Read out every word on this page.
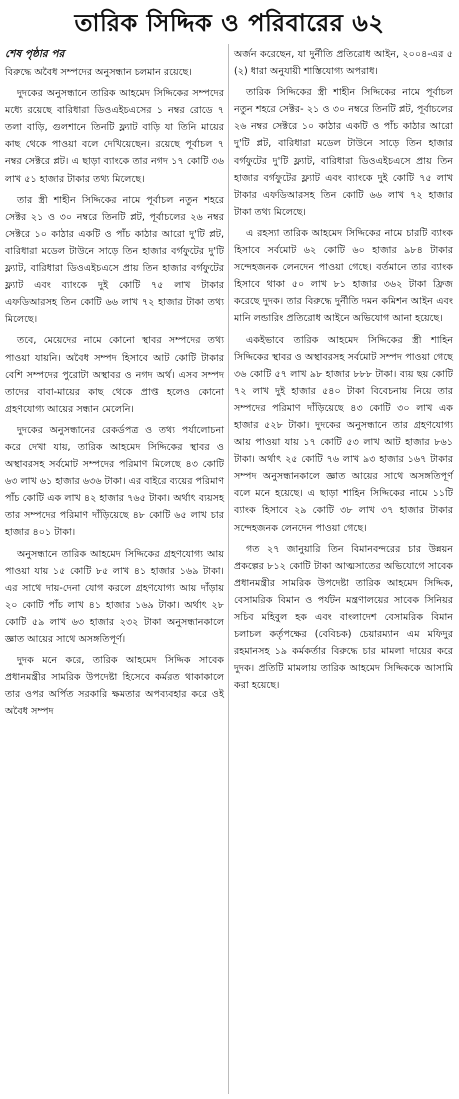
তারিক সিদ্দিক ও পরিবারের ৬২
শেষ পৃষ্ঠার পর

বিরুদ্ধে অবৈধ সম্পদের অনুসন্ধান চলমান রয়েছে।

দুদকের অনুসন্ধানে তারিক আহমেদ সিদ্দিকের সম্পদের মধ্যে রয়েছে বারিধারা ডিওএইচএসের ১ নম্বর রোডে ৭ তলা বাড়ি, গুলশানে তিনটি ফ্ল্যাট বাড়ি যা তিনি মায়ের কাছ থেকে পাওয়া বলে দেখিয়েছেন। রয়েছে পূর্বাচল ৭ নম্বর সেক্টরে প্লট। এ ছাড়া ব্যাংকে তার নগদ ১৭ কোটি ৩৬ লাখ ৫১ হাজার টাকার তথ্য মিলেছে।

তার স্ত্রী শাহীন সিদ্দিকের নামে পূর্বাচল নতুন শহরে সেক্টর ২১ ও ৩০ নম্বরে তিনটি প্লট, পূর্বাচলের ২৬ নম্বর সেক্টরে ১০ কাঠার একটি ও পাঁচ কাঠার আরো দু'টি প্লট, বারিধারা মডেল টাউনে সাড়ে তিন হাজার বর্গফুটের দু'টি ফ্ল্যাট, বারিধারা ডিওএইচএসে প্রায় তিন হাজার বর্গফুটের ফ্ল্যাট এবং ব্যাংকে দুই কোটি ৭৫ লাখ টাকার এফডিআরসহ তিন কোটি ৬৬ লাখ ৭২ হাজার টাকা তথ্য মিলেছে।

তবে, মেয়েদের নামে কোনো স্থাবর সম্পদের তথ্য পাওয়া যায়নি। অবৈধ সম্পদ হিসাবে আট কোটি টাকার বেশি সম্পদের পুরোটা অস্থাবর ও নগদ অর্থ। এসব সম্পদ তাদের বাবা-মায়ের কাছ থেকে প্রাপ্ত হলেও কোনো গ্রহণযোগ্য আয়ের সন্ধান মেলেনি।

দুদকের অনুসন্ধানের রেকর্ডপত্র ও তথ্য পর্যালোচনা করে দেখা যায়, তারিক আহমেদ সিদ্দিকের স্থাবর ও অস্থাবরসহ সর্বমোট সম্পদের পরিমাণ মিলেছে ৪৩ কোটি ৬৩ লাখ ৬১ হাজার ৬৩৬ টাকা। এর বাইরে ব্যয়ের পরিমাণ পাঁচ কোটি এক লাখ ৪২ হাজার ৭৬৫ টাকা। অর্থাৎ ব্যয়সহ তার সম্পদের পরিমাণ দাঁড়িয়েছে ৪৮ কোটি ৬৫ লাখ চার হাজার ৪০১ টাকা।

অনুসন্ধানে তারিক আহমেদ সিদ্দিকের গ্রহণযোগ্য আয় পাওয়া যায় ১৫ কোটি ৮৫ লাখ ৪১ হাজার ১৬৯ টাকা। এর সাথে দায়-দেনা যোগ করলে গ্রহণযোগ্য আয় দাঁড়ায় ২০ কোটি পাঁচ লাখ ৪১ হাজার ১৬৯ টাকা। অর্থাৎ ২৮ কোটি ৫৯ লাখ ৬৩ হাজার ২৩২ টাকা অনুসন্ধানকালে জ্ঞাত আয়ের সাথে অসঙ্গতিপূর্ণ।

দুদক মনে করে, তারিক আহমেদ সিদ্দিক সাবেক প্রধানমন্ত্রীর সামরিক উপদেষ্টা হিসেবে কর্মরত থাকাকালে তার ওপর অর্পিত সরকারি ক্ষমতার অপব্যবহার করে ওই অবৈধ সম্পদ

অর্জন করেছেন, যা দুর্নীতি প্রতিরোধ আইন, ২০০৪-এর ৫ (২) ধারা অনুযায়ী শাস্তিযোগ্য অপরাধ।

তারিক সিদ্দিকের স্ত্রী শাহীন সিদ্দিকের নামে পূর্বাচল নতুন শহরে সেক্টর- ২১ ও ৩০ নম্বরে তিনটি প্লট, পূর্বাচলের ২৬ নম্বর সেক্টরে ১০ কাঠার একটি ও পাঁচ কাঠার আরো দু'টি প্লট, বারিধারা মডেল টাউনে সাড়ে তিন হাজার বর্গফুটের দু'টি ফ্ল্যাট, বারিধারা ডিওএইচএসে প্রায় তিন হাজার বর্গফুটের ফ্ল্যাট এবং ব্যাংকে দুই কোটি ৭৫ লাখ টাকার এফডিআরসহ তিন কোটি ৬৬ লাখ ৭২ হাজার টাকা তথ্য মিলেছে।

এ রহস্যা তারিক আহমেদ সিদ্দিকের নামে চারটি ব্যাংক হিসাবে সর্বমোট ৬২ কোটি ৬০ হাজার ৯৮৪ টাকার সন্দেহজনক লেনদেন পাওয়া গেছে। বর্তমানে তার ব্যাংক হিসাবে থাকা ৫০ লাখ ৮১ হাজার ৩৬২ টাকা ফ্রিজ করেছে দুদক। তার বিরুদ্ধে দুর্নীতি দমন কমিশন আইন এবং মানি লন্ডারিং প্রতিরোধ আইনে অভিযোগ আনা হয়েছে।

একইভাবে তারিক আহমেদ সিদ্দিকের স্ত্রী শাহিন সিদ্দিকের স্থাবর ও অস্থাবরসহ সর্বমোট সম্পদ পাওয়া গেছে ৩৬ কোটি ৫৭ লাখ ৯৮ হাজার ৮৮৮ টাকা। ব্যয় ছয় কোটি ৭২ লাখ দুই হাজার ৫৪০ টাকা বিবেচনায় নিয়ে তার সম্পদের পরিমাণ দাঁড়িয়েছে ৪৩ কোটি ৩০ লাখ এক হাজার ৫২৮ টাকা। দুদকের অনুসন্ধানে তার গ্রহণযোগ্য আয় পাওয়া যায় ১৭ কোটি ৫৩ লাখ আট হাজার ৮৬১ টাকা। অর্থাৎ ২৫ কোটি ৭৬ লাখ ৯৩ হাজার ১৬৭ টাকার সম্পদ অনুসন্ধানকালে জ্ঞাত আয়ের সাথে অসঙ্গতিপূর্ণ বলে মনে হয়েছে। এ ছাড়া শাহিন সিদ্দিকের নামে ১১টি ব্যাংক হিসাবে ২৯ কোটি ৩৮ লাখ ৩৭ হাজার টাকার সন্দেহজনক লেনদেন পাওয়া গেছে।

গত ২৭ জানুয়ারি তিন বিমানবন্দরের চার উন্নয়ন প্রকল্পের ৮১২ কোটি টাকা আত্মসাতের অভিযোগে সাবেক প্রধানমন্ত্রীর সামরিক উপদেষ্টা তারিক আহমেদ সিদ্দিক, বেসামরিক বিমান ও পর্যটন মন্ত্রণালয়ের সাবেক সিনিয়র সচিব মহিবুল হক এবং বাংলাদেশ বেসামরিক বিমান চলাচল কর্তৃপক্ষের (বেবিচক) চেয়ারম্যান এম মফিদুর রহমানসহ ১৯ কর্মকর্তার বিরুদ্ধে চার মামলা দায়ের করে দুদক। প্রতিটি মামলায় তারিক আহমেদ সিদ্দিককে আসামি করা হয়েছে।
